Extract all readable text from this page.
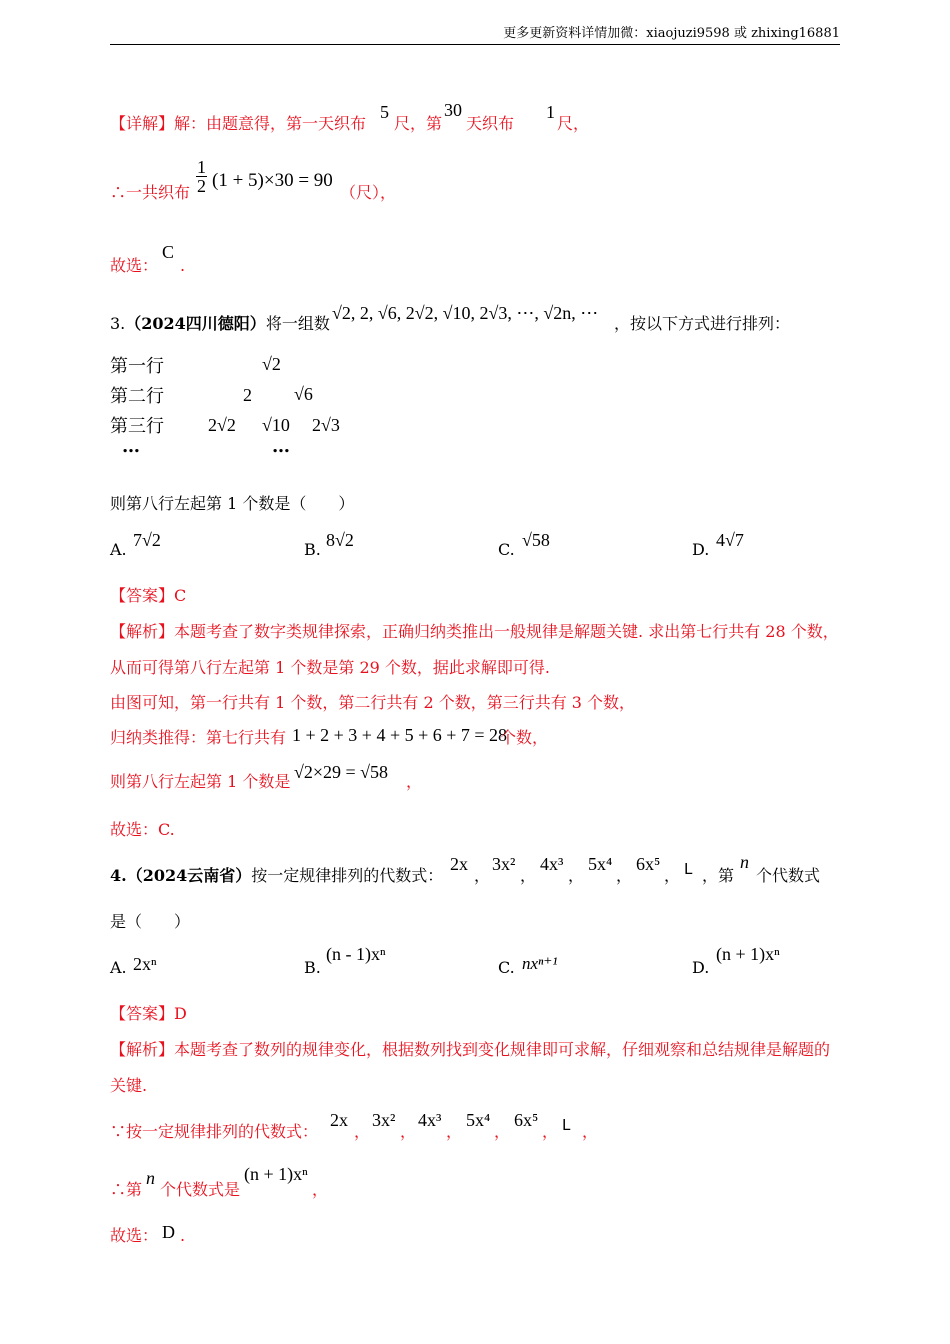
更多更新资料详情加微：xiaojuzi9598 或 zhixing16881
【详解】解：由题意得，第一天织布
5
尺，第
30
天织布
1
尺，
∴一共织布 $\frac{1}{2} (1 + 5)\times 30 = 90$
（尺），
故选：
C
.
3.（2024四川德阳）将一组数
√2, 2, √6, 2√2, √10, 2√3, ⋯, √2n, ⋯
，按以下方式进行排列：
第一行	√2
第二行	2 √6
第三行 2√2 √10 2√3
…	…
则第八行左起第 1 个数是（　　）
A. 7√2	B. 8√2	C. √58	D. 4√7
【答案】C
【解析】本题考查了数字类规律探索，正确归纳类推出一般规律是解题关键. 求出第七行共有 28 个数，
从而可得第八行左起第 1 个数是第 29 个数，据此求解即可得.
由图可知，第一行共有 1 个数，第二行共有 2 个数，第三行共有 3 个数，
归纳类推得：第七行共有 1 + 2 + 3 + 4 + 5 + 6 + 7 = 28
个数，
则第八行左起第 1 个数是 √2×29 = √58 ，
故选：C.
4.（2024云南省）按一定规律排列的代数式：
2x
，
3x²
，
4x³
，
5x⁴
，
6x⁵
， L ，第
n
个代数式
是（　　）
A. 2xⁿ	B.
(n - 1)xⁿ
C. nxⁿ⁺¹	D.
(n + 1)xⁿ
【答案】D
【解析】本题考查了数列的规律变化，根据数列找到变化规律即可求解，仔细观察和总结规律是解题的
关键.
∵按一定规律排列的代数式：
2x
，
3x²
，
4x³
，
5x⁴
，
6x⁵
， L ，
∴第
n
个代数式是
(n + 1)xⁿ
，
故选： D .
